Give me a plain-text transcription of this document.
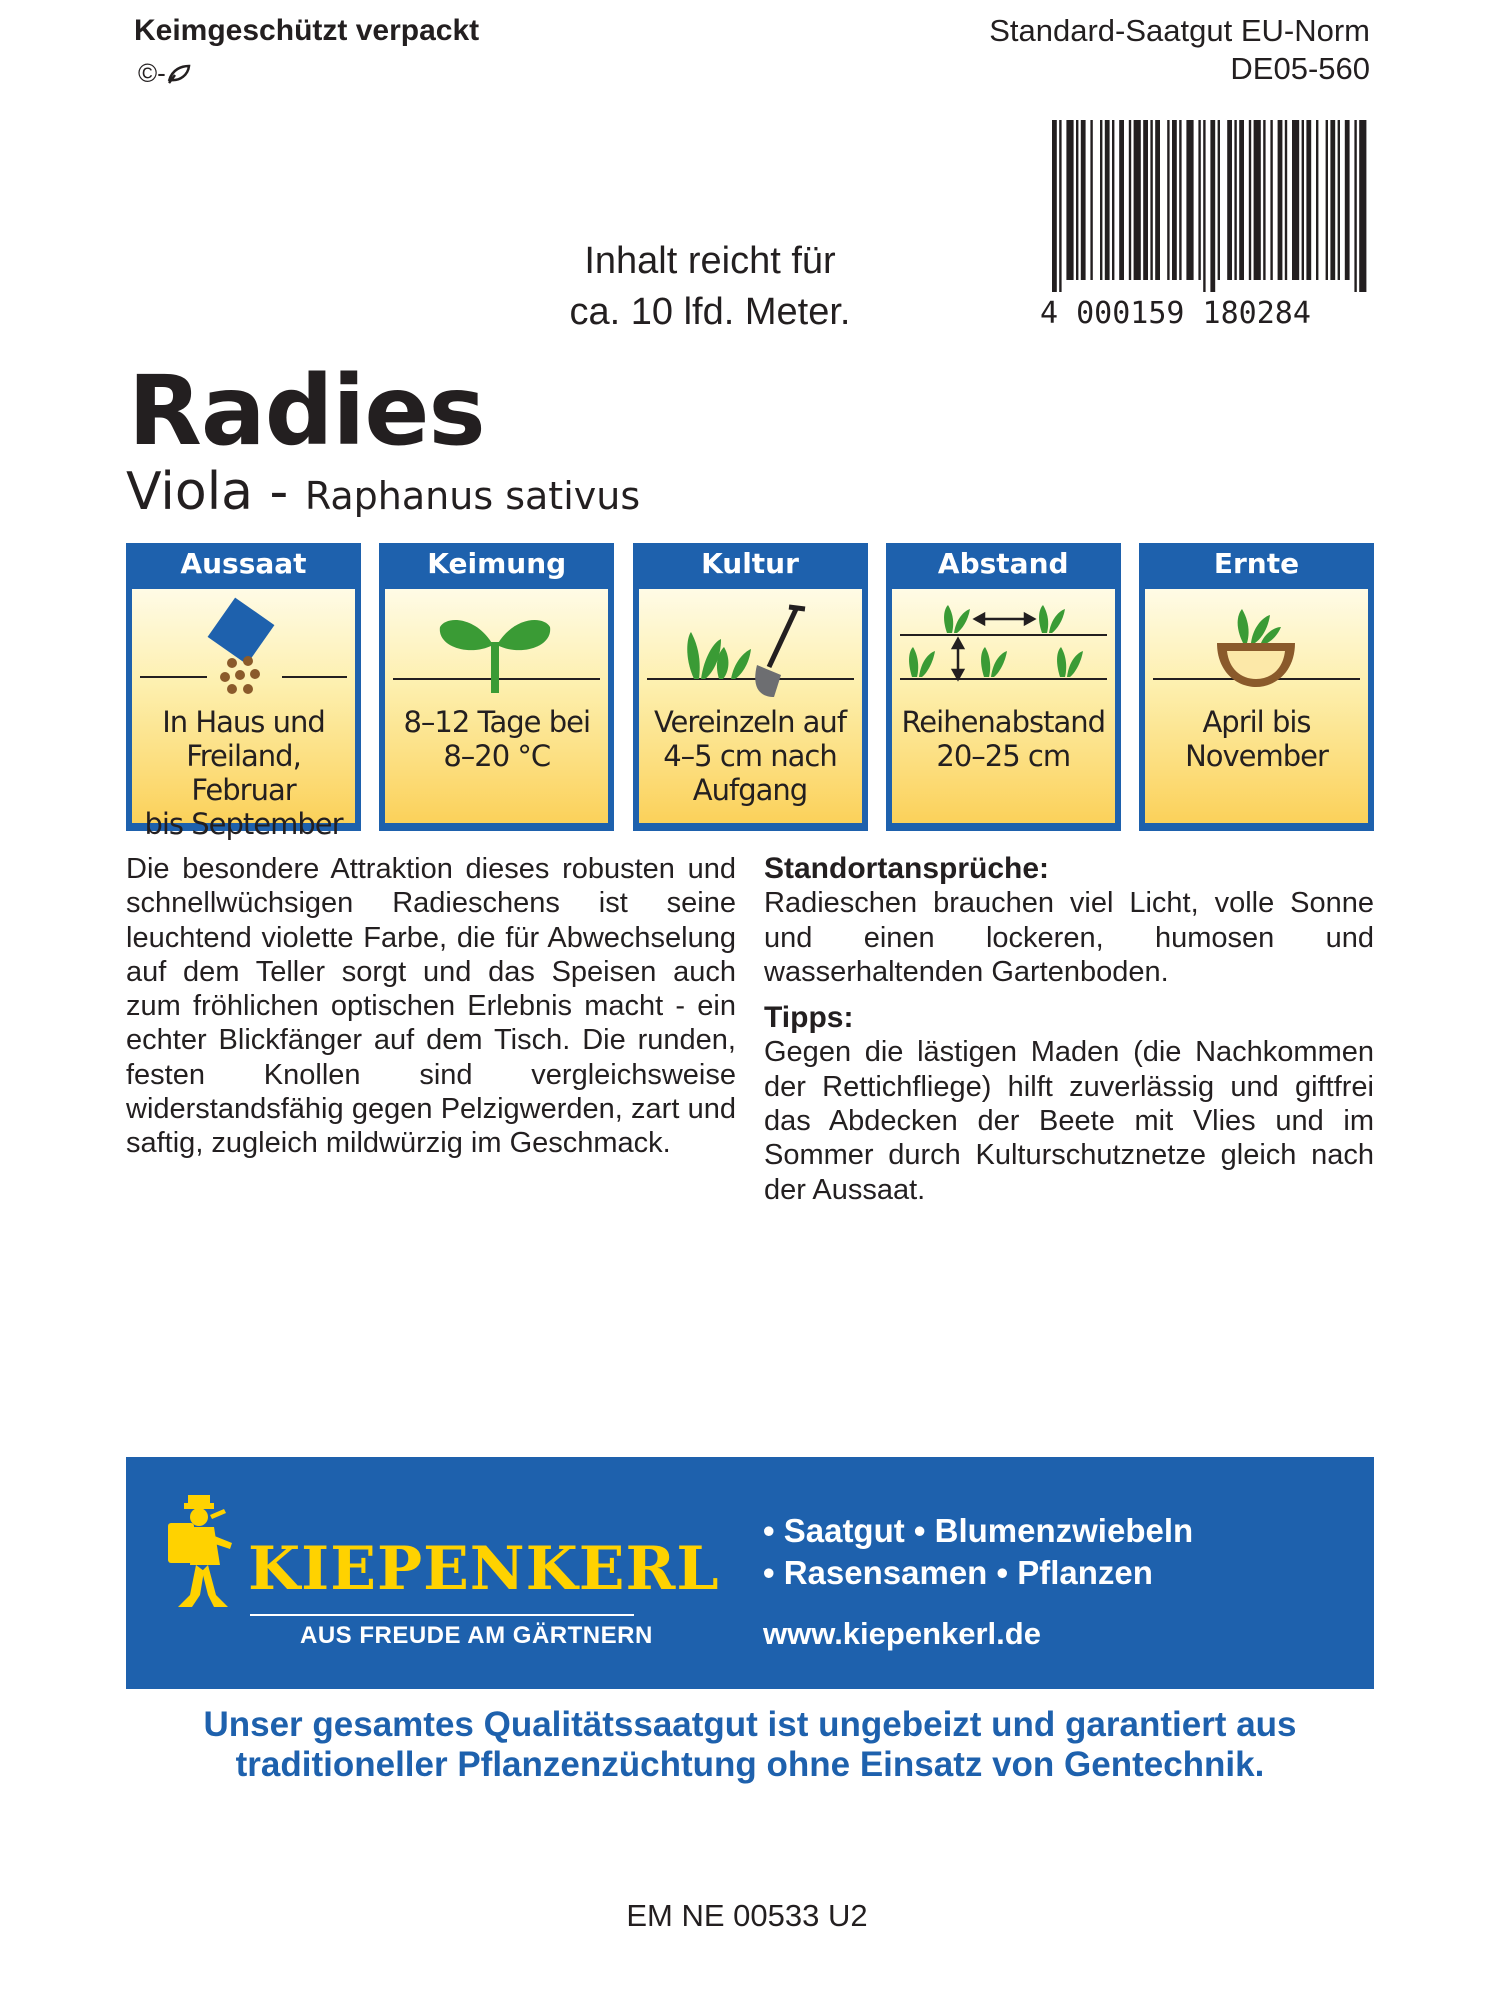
Keimgeschützt verpackt
©-
Standard-Saatgut EU-Norm
DE05-560
4 000159 180284
Inhalt reicht für
ca. 10 lfd. Meter.
Radies
Viola - Raphanus sativus
Aussaat
In Haus und
Freiland, Februar
bis September
Keimung
8–12 Tage bei
8–20 °C
Kultur
Vereinzeln auf
4–5 cm nach
Aufgang
Abstand
Reihenabstand
20–25 cm
Ernte
April bis
November
Die besondere Attraktion dieses robusten und schnellwüchsigen Radieschens ist seine leuchtend violette Farbe, die für Abwechselung auf dem Teller sorgt und das Speisen auch zum fröhlichen optischen Erlebnis macht - ein echter Blickfänger auf dem Tisch. Die runden, festen Knollen sind vergleichsweise widerstandsfähig gegen Pelzigwerden, zart und saftig, zugleich mildwürzig im Geschmack.
Standortansprüche:

Radieschen brauchen viel Licht, volle Sonne und einen lockeren, humosen und wasserhaltenden Gartenboden.

Tipps:

Gegen die lästigen Maden (die Nachkommen der Rettichfliege) hilft zuverlässig und giftfrei das Abdecken der Beete mit Vlies und im Sommer durch Kulturschutznetze gleich nach der Aussaat.

KIEPENKERL
AUS FREUDE AM GÄRTNERN
• Saatgut • Blumenzwiebeln
• Rasensamen • Pflanzen
www.kiepenkerl.de
Unser gesamtes Qualitätssaatgut ist ungebeizt und garantiert aus
traditioneller Pflanzenzüchtung ohne Einsatz von Gentechnik.
EM NE 00533 U2
